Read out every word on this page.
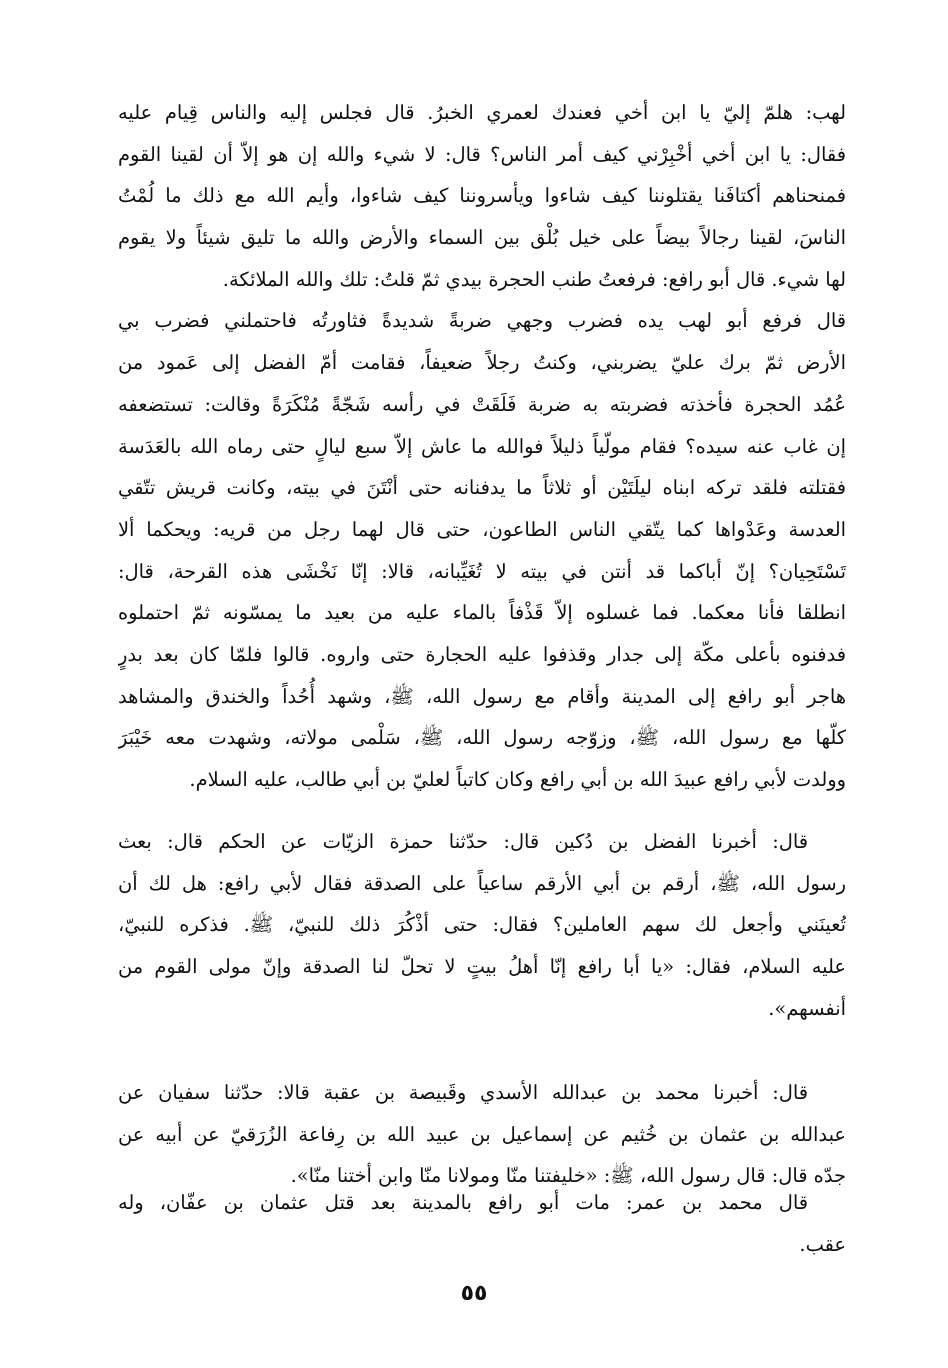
لهب: هلمّ إليّ يا ابن أخي فعندك لعمري الخبرُ. قال فجلس إليه والناس قِيام عليه
فقال: يا ابن أخي أخْبِرْني كيف أمر الناس؟ قال: لا شيء والله إن هو إلاّ أن لقينا القوم
فمنحناهم أكتافَنا يقتلوننا كيف شاءوا ويأسروننا كيف شاءوا، وأيم الله مع ذلك ما لُمْتُ
الناسَ، لقينا رجالاً بيضاً على خيل بُلْق بين السماء والأرض والله ما تليق شيئاً ولا يقوم
لها شيء. قال أبو رافع: فرفعتُ طنب الحجرة بيدي ثمّ قلتُ: تلك والله الملائكة.
قال فرفع أبو لهب يده فضرب وجهي ضربةً شديدةً فثاورتُه فاحتملني فضرب بي
الأرض ثمّ برك عليّ يضربني، وكنتُ رجلاً ضعيفاً، فقامت أمّ الفضل إلى عَمود من
عُمُد الحجرة فأخذته فضربته به ضربة فَلَقَتْ في رأسه شَجّةً مُنْكَرَةً وقالت: تستضعفه
إن غاب عنه سيده؟ فقام مولّياً ذليلاً فوالله ما عاش إلاّ سبع ليالٍ حتى رماه الله بالعَدَسة
فقتلته فلقد تركه ابناه ليلَتَيْن أو ثلاثاً ما يدفنانه حتى أنْتَنَ في بيته، وكانت قريش تتّقي
العدسة وعَدْواها كما يتّقي الناس الطاعون، حتى قال لهما رجل من قريه: ويحكما ألا
تَسْتَحِيان؟ إنّ أباكما قد أنتن في بيته لا تُغَيِّبانه، قالا: إنّا نَخْشَى هذه القرحة، قال:
انطلقا فأنا معكما. فما غسلوه إلاّ قَذْفاً بالماء عليه من بعيد ما يمسّونه ثمّ احتملوه
فدفنوه بأعلى مكّة إلى جدار وقذفوا عليه الحجارة حتى واروه. قالوا فلمّا كان بعد بدرٍ
هاجر أبو رافع إلى المدينة وأقام مع رسول الله، ﷺ، وشهد أُحُداً والخندق والمشاهد
كلّها مع رسول الله، ﷺ، وزوّجه رسول الله، ﷺ، سَلْمى مولاته، وشهدت معه خَيْبَرَ
وولدت لأبي رافع عبيدَ الله بن أبي رافع وكان كاتباً لعليّ بن أبي طالب، عليه السلام.
قال: أخبرنا الفضل بن دُكين قال: حدّثنا حمزة الزيّات عن الحكم قال: بعث
رسول الله، ﷺ، أرقم بن أبي الأرقم ساعياً على الصدقة فقال لأبي رافع: هل لك أن
تُعينَني وأجعل لك سهم العاملين؟ فقال: حتى أذْكُرَ ذلك للنبيّ، ﷺ. فذكره للنبيّ،
عليه السلام، فقال: «يا أبا رافع إنّا أهلُ بيتٍ لا تحلّ لنا الصدقة وإنّ مولى القوم من
أنفسهم».
قال: أخبرنا محمد بن عبدالله الأسدي وقَبيصة بن عقبة قالا: حدّثنا سفيان عن
عبدالله بن عثمان بن خُثيم عن إسماعيل بن عبيد الله بن رِفاعة الزُرَقيّ عن أبيه عن
جدّه قال: قال رسول الله، ﷺ: «خليفتنا منّا ومولانا منّا وابن أختنا منّا».
قال محمد بن عمر: مات أبو رافع بالمدينة بعد قتل عثمان بن عفّان، وله
عقب.
٥٥
